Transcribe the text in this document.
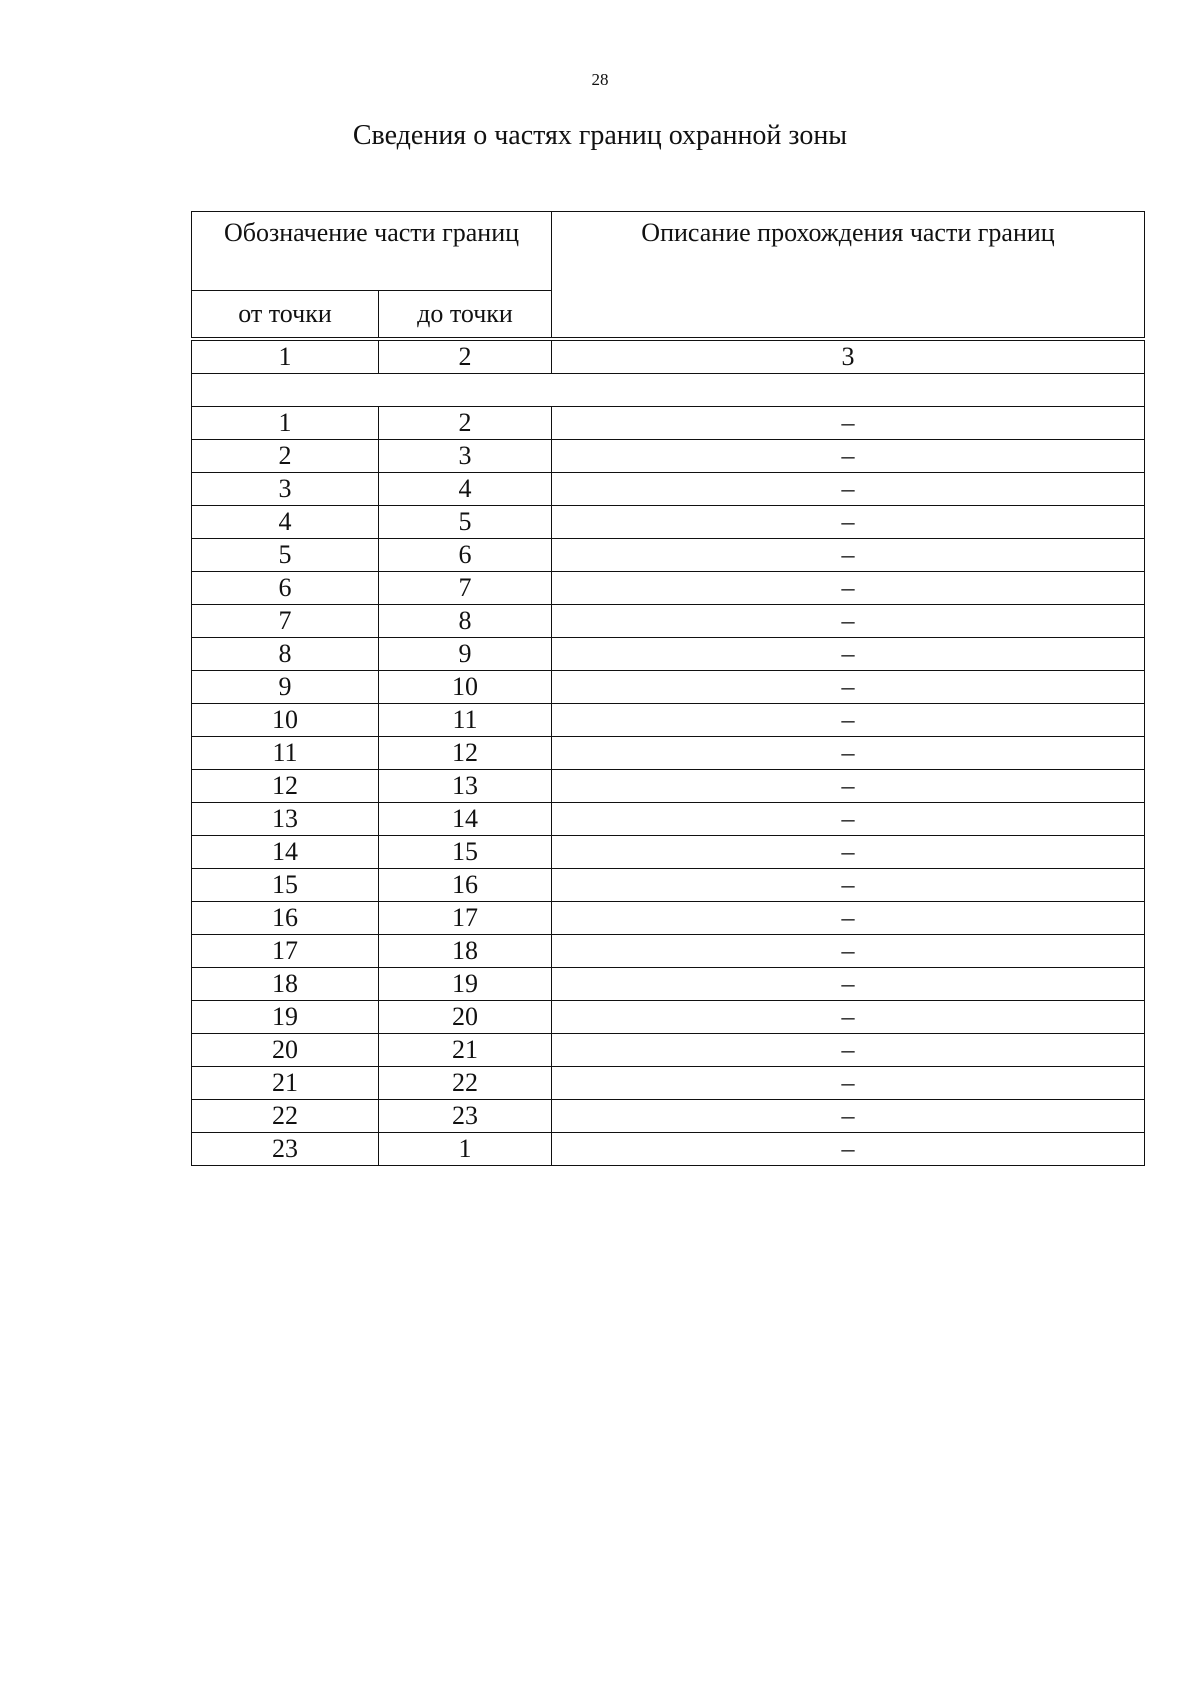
28
Сведения о частях границ охранной зоны
Обозначение части границ		Описание прохождения части границ
от точки	до точки	

1	2	3

1	2	–
2	3	–
3	4	–
4	5	–
5	6	–
6	7	–
7	8	–
8	9	–
9	10	–
10	11	–
11	12	–
12	13	–
13	14	–
14	15	–
15	16	–
16	17	–
17	18	–
18	19	–
19	20	–
20	21	–
21	22	–
22	23	–
23	1	–
